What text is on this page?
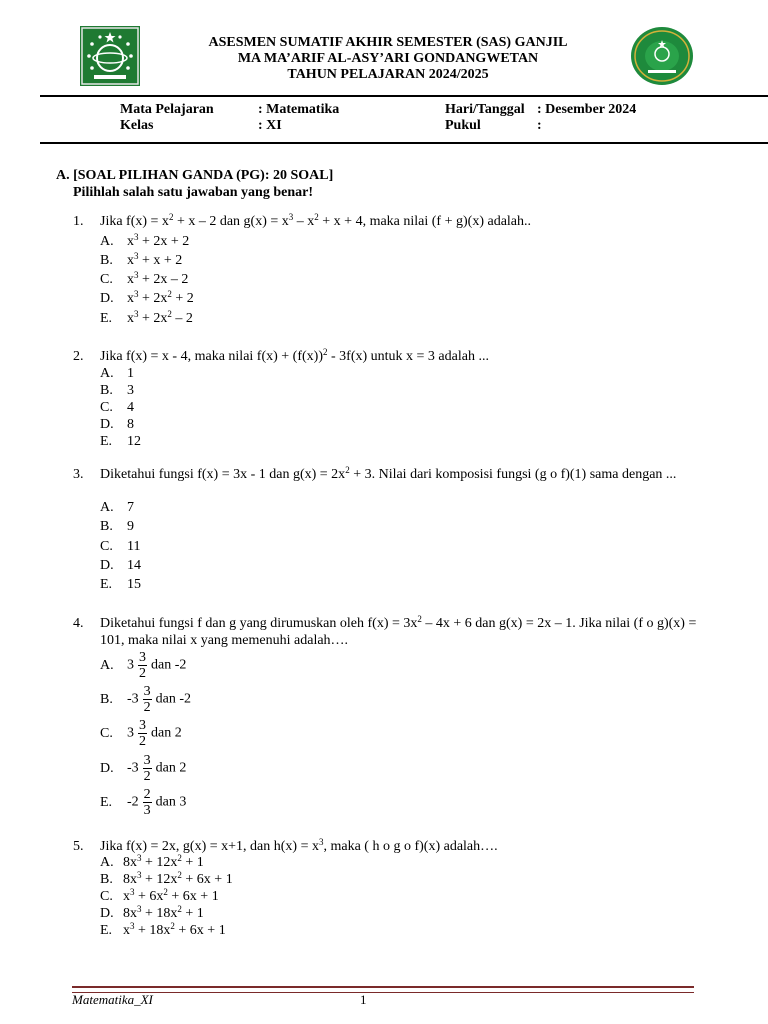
ASESMEN SUMATIF AKHIR SEMESTER (SAS) GANJIL
MA MA’ARIF AL-ASY’ARI GONDANGWETAN
TAHUN PELAJARAN 2024/2025
Mata Pelajaran	: Matematika
Kelas	: XI
Hari/Tanggal : Desember 2024
Pukul	:
A. [SOAL PILIHAN GANDA (PG): 20 SOAL]
Pilihlah salah satu jawaban yang benar!
1. Jika $f(x) = x^2 + x - 2$ dan $g(x) = x^3 - x^2 + x + 4$, maka nilai (f + g)(x) adalah..
A. $x^3 + 2x + 2$
B. $x^3 + x + 2$
C. $x^3 + 2x - 2$
D. $x^3 + 2x^2 + 2$
E. $x^3 + 2x^2 - 2$
2. Jika f(x) = x - 4, maka nilai $f(x) + (f(x))^2 - 3f(x)$ untuk x = 3 adalah ...
A. 1
B. 3
C. 4
D. 8
E. 12
3. Diketahui fungsi f(x) = 3x - 1 dan $g(x) = 2x^2 + 3$. Nilai dari komposisi fungsi (g o f)(1) sama dengan ...
A. 7
B. 9
C. 11
D. 14
E. 15
4. Diketahui fungsi f dan g yang dirumuskan oleh $f(x) = 3x^2 - 4x + 6$ dan g(x) = 2x – 1. Jika nilai (f o g)(x) = 101, maka nilai x yang memenuhi adalah….
A. $3 \frac{3}{2}$ dan -2
B. $-3 \frac{3}{2}$ dan -2
C. $3 \frac{3}{2}$ dan 2
D. $-3 \frac{3}{2}$ dan 2
E. $-2 \frac{2}{3}$ dan 3
5. Jika f(x) = 2x, g(x) = x+1, dan $h(x) = x^3$, maka ( h o g o f)(x) adalah….
A. $8x^3 + 12x^2 + 1$
B. $8x^3 + 12x^2 + 6x + 1$
C. $x^3 + 6x^2 + 6x + 1$
D. $8x^3 + 18x^2 + 1$
E. $x^3 + 18x^2 + 6x + 1$
Matematika_XI	1
